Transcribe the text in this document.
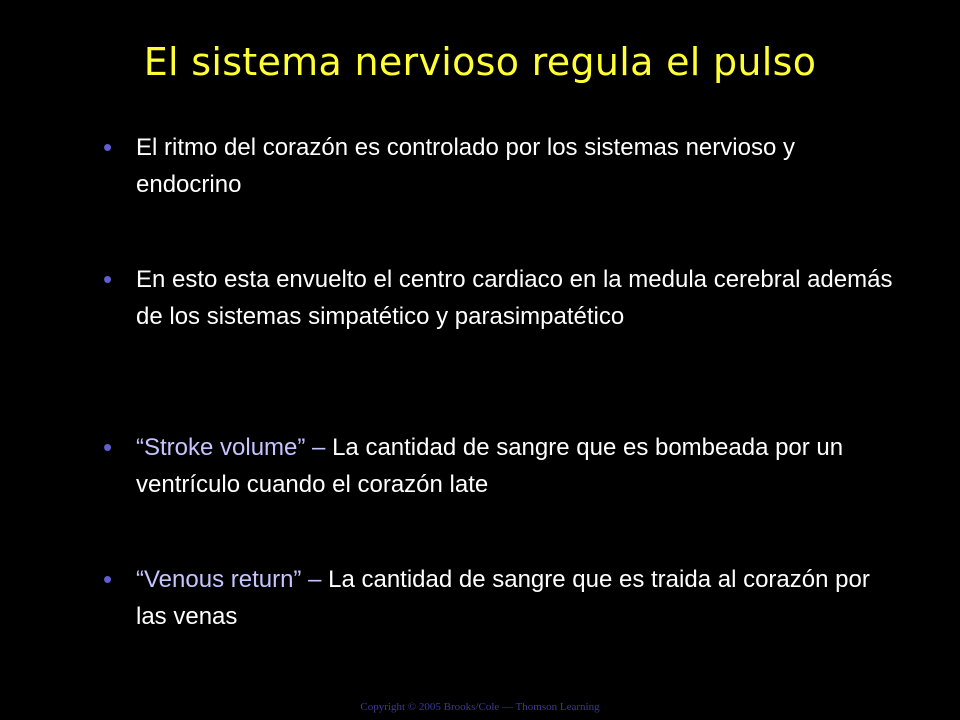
El sistema nervioso regula el pulso
• El ritmo del corazón es controlado por los sistemas nervioso y endocrino
• En esto esta envuelto el centro cardiaco en la medula cerebral además de los sistemas simpatético y parasimpatético
• “Stroke volume” – La cantidad de sangre que es bombeada por un ventrículo cuando el corazón late
• “Venous return” – La cantidad de sangre que es traida al corazón por las venas
Copyright © 2005 Brooks/Cole — Thomson Learning
